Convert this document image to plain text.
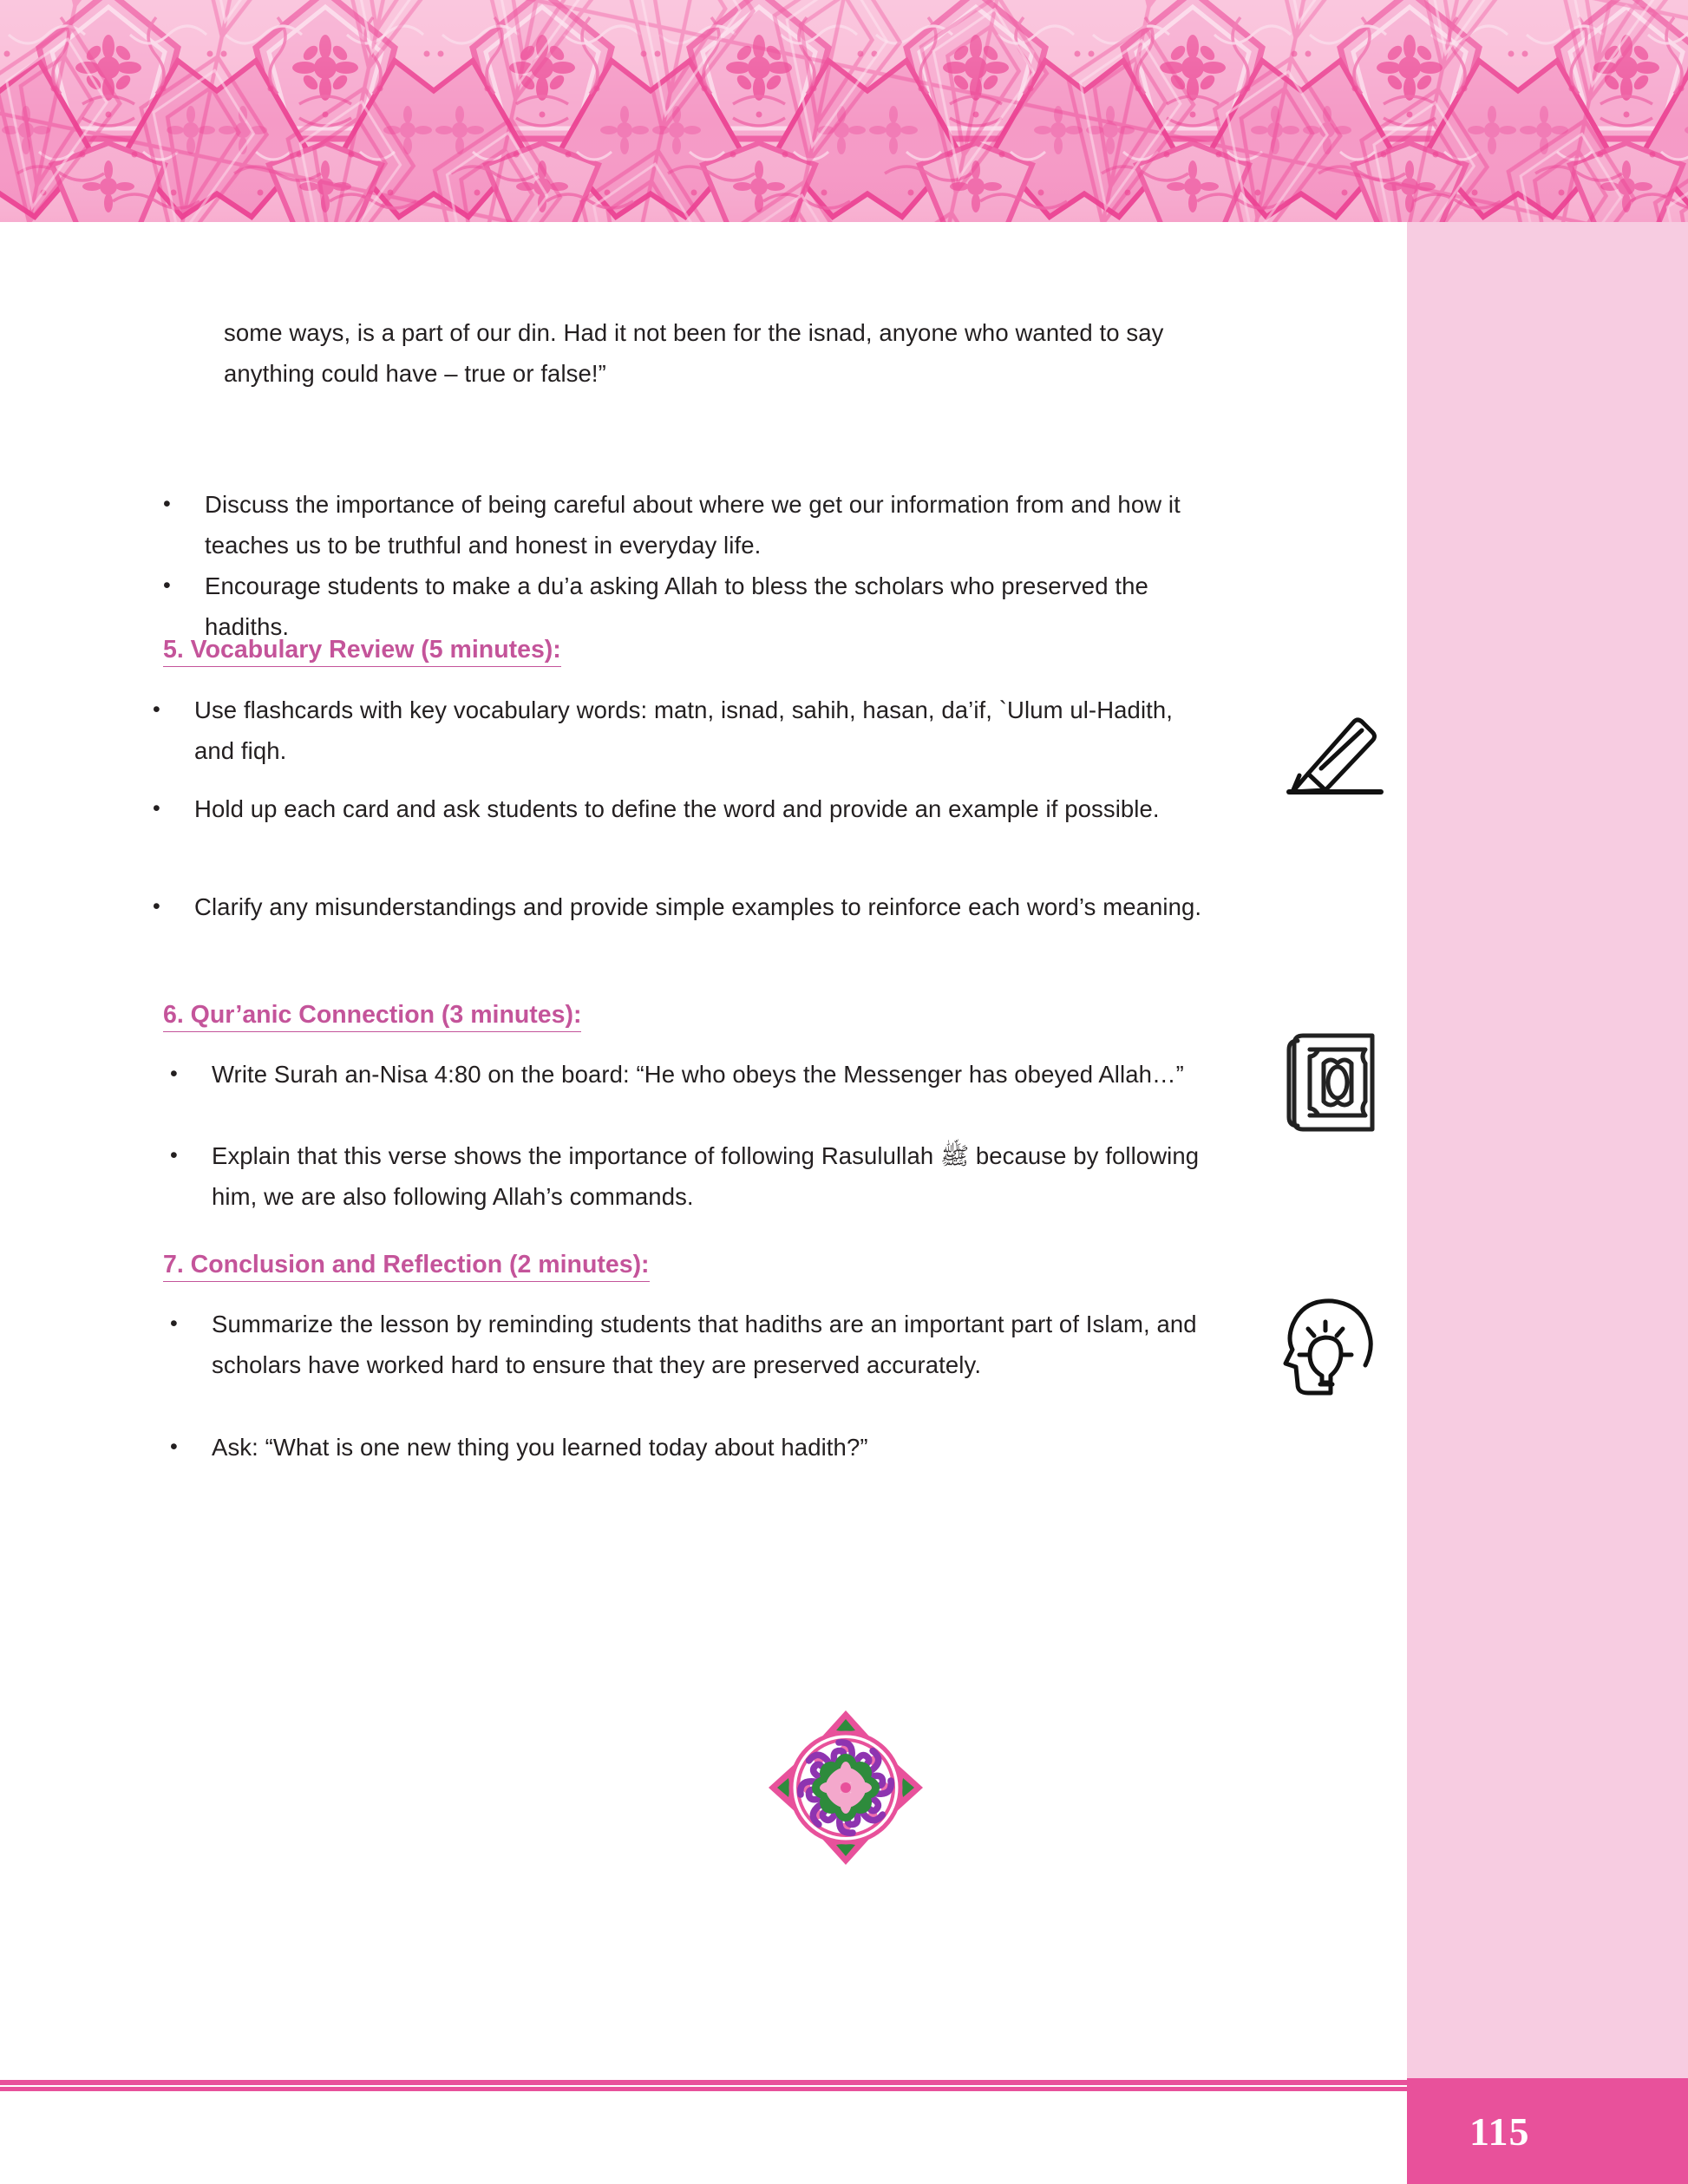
some ways, is a part of our din. Had it not been for the isnad, anyone who wanted to say anything could have – true or false!”
•	Discuss the importance of being careful about where we get our information from and how it teaches us to be truthful and honest in everyday life.
•	Encourage students to make a du’a asking Allah to bless the scholars who preserved the hadiths.
5. Vocabulary Review (5 minutes):
•	Use flashcards with key vocabulary words: matn, isnad, sahih, hasan, da’if, `Ulum ul-Hadith, and fiqh.
•	Hold up each card and ask students to define the word and provide an example if possible.
•	Clarify any misunderstandings and provide simple examples to reinforce each word’s meaning.
6. Qur’anic Connection (3 minutes):
•	Write Surah an-Nisa 4:80 on the board: “He who obeys the Messenger has obeyed Allah…”
•	Explain that this verse shows the importance of following Rasulullah ﷺ because by following him, we are also following Allah’s commands.
7. Conclusion and Reflection (2 minutes):
•	Summarize the lesson by reminding students that hadiths are an important part of Islam, and scholars have worked hard to ensure that they are preserved accurately.
•	Ask: “What is one new thing you learned today about hadith?”
115
